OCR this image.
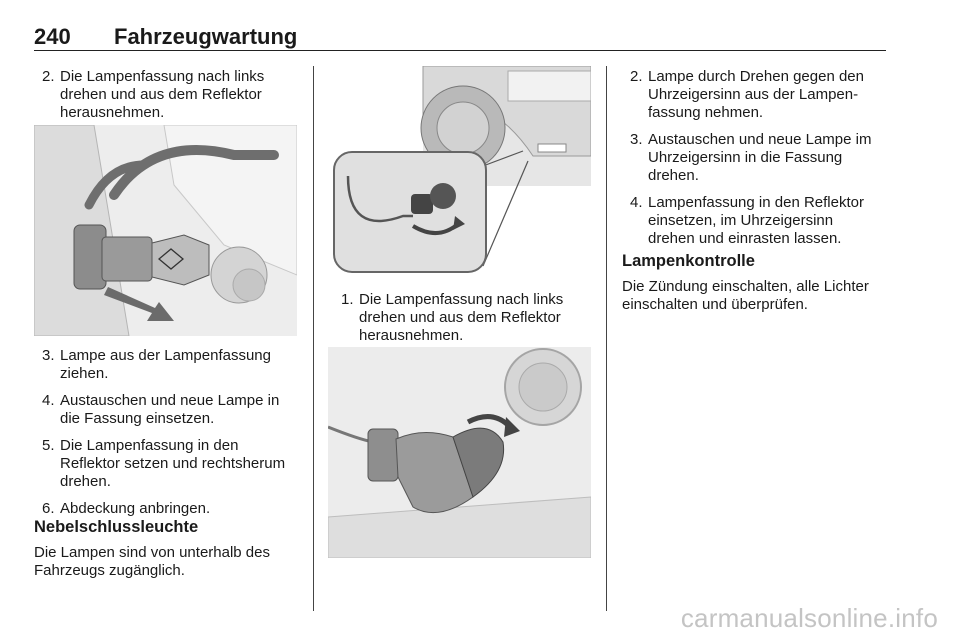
240 Fahrzeugwartung
2. Die Lampenfassung nach links
drehen und aus dem Reflektor
herausnehmen.
3. Lampe aus der Lampenfassung
ziehen.
4. Austauschen und neue Lampe in
die Fassung einsetzen.
5. Die Lampenfassung in den
Reflektor setzen und rechtsherum
drehen.
6. Abdeckung anbringen.
Nebelschlussleuchte

Die Lampen sind von unterhalb des
Fahrzeugs zugänglich.

1. Die Lampenfassung nach links
drehen und aus dem Reflektor
herausnehmen.
2. Lampe durch Drehen gegen den
Uhrzeigersinn aus der Lampen-
fassung nehmen.
3. Austauschen und neue Lampe im
Uhrzeigersinn in die Fassung
drehen.
4. Lampenfassung in den Reflektor
einsetzen, im Uhrzeigersinn
drehen und einrasten lassen.
Lampenkontrolle

Die Zündung einschalten, alle Lichter
einschalten und überprüfen.

carmanualsonline.info
